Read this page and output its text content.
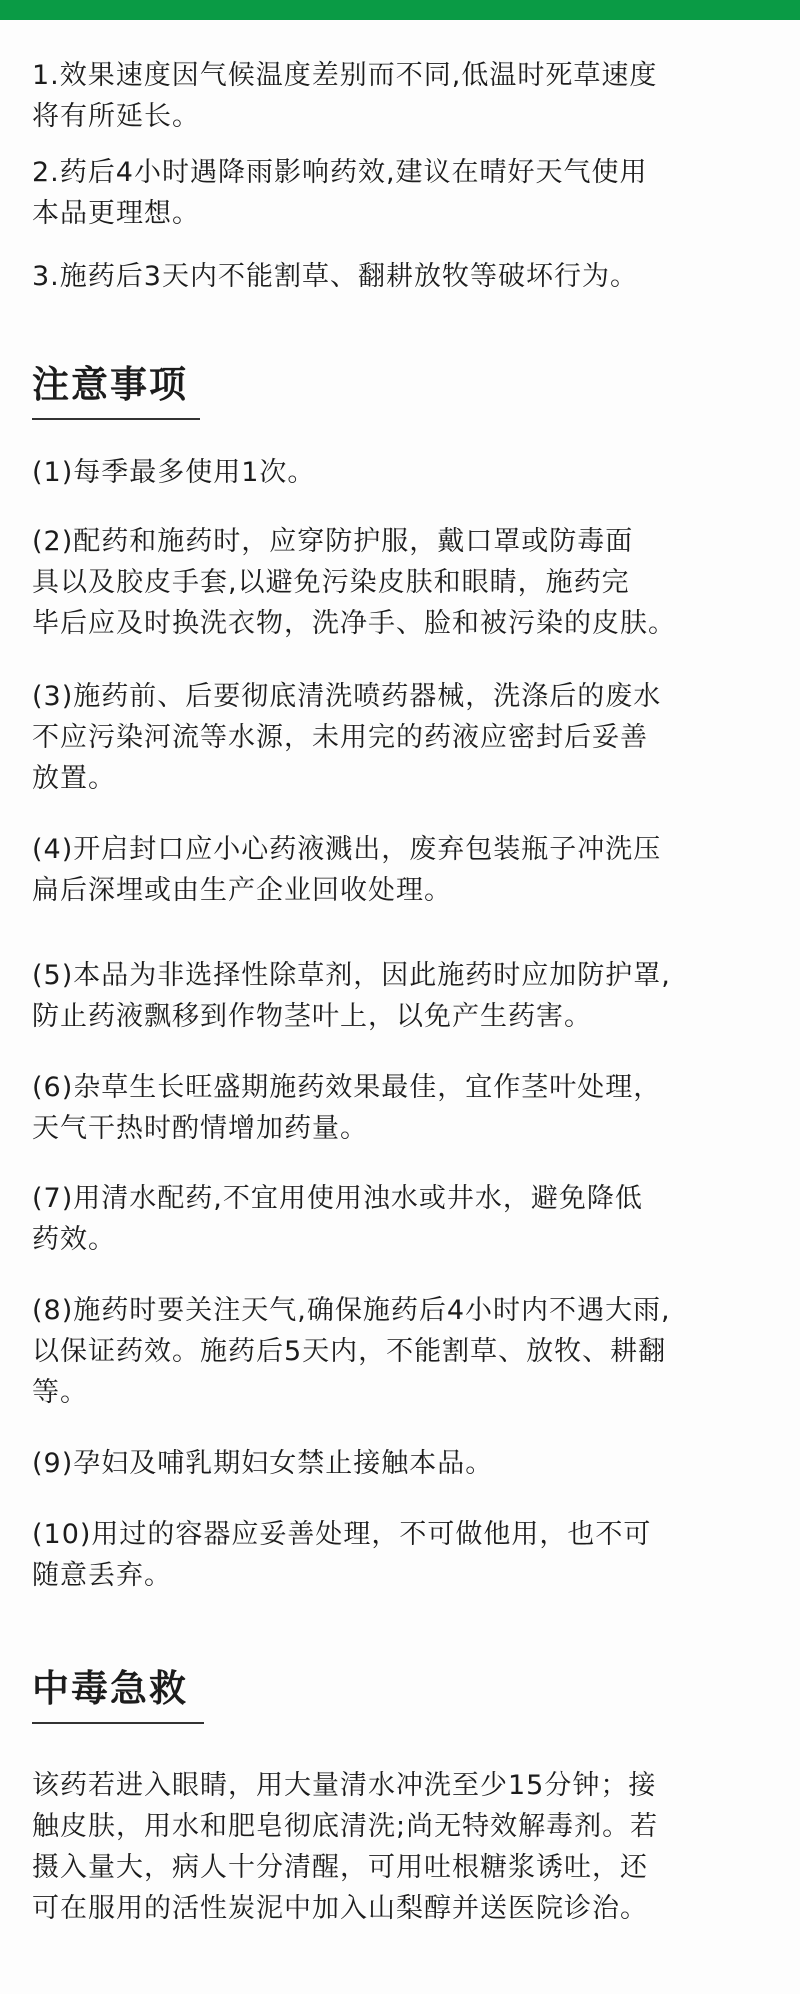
1.效果速度因气候温度差别而不同,低温时死草速度
将有所延长。
2.药后4小时遇降雨影响药效,建议在晴好天气使用
本品更理想。
3.施药后3天内不能割草、翻耕放牧等破坏行为。
注意事项
(1)每季最多使用1次。
(2)配药和施药时，应穿防护服，戴口罩或防毒面
具以及胶皮手套,以避免污染皮肤和眼睛，施药完
毕后应及时换洗衣物，洗净手、脸和被污染的皮肤。
(3)施药前、后要彻底清洗喷药器械，洗涤后的废水
不应污染河流等水源，未用完的药液应密封后妥善
放置。
(4)开启封口应小心药液溅出，废弃包装瓶子冲洗压
扁后深埋或由生产企业回收处理。
(5)本品为非选择性除草剂，因此施药时应加防护罩,
防止药液飘移到作物茎叶上，以免产生药害。
(6)杂草生长旺盛期施药效果最佳，宜作茎叶处理，
天气干热时酌情增加药量。
(7)用清水配药,不宜用使用浊水或井水，避免降低
药效。
(8)施药时要关注天气,确保施药后4小时内不遇大雨,
以保证药效。施药后5天内，不能割草、放牧、耕翻
等。
(9)孕妇及哺乳期妇女禁止接触本品。
(10)用过的容器应妥善处理，不可做他用，也不可
随意丢弃。
中毒急救
该药若进入眼睛，用大量清水冲洗至少15分钟；接
触皮肤，用水和肥皂彻底清洗;尚无特效解毒剂。若
摄入量大，病人十分清醒，可用吐根糖浆诱吐，还
可在服用的活性炭泥中加入山梨醇并送医院诊治。
